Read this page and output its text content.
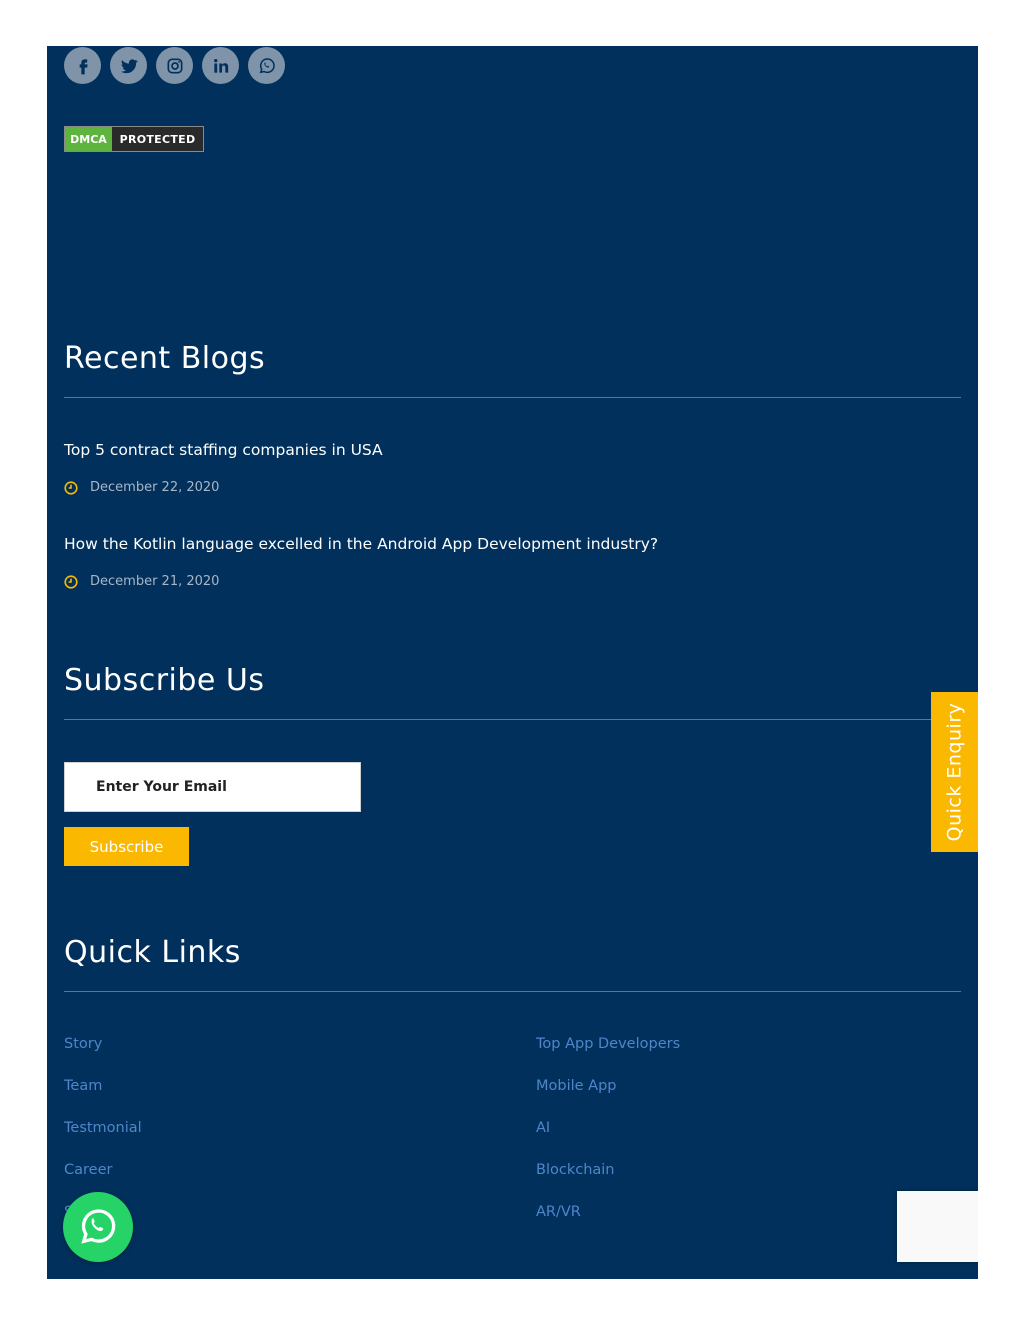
DMCA	PROTECTED
Recent Blogs
Top 5 contract staffing companies in USA
December 22, 2020
How the Kotlin language excelled in the Android App Development industry?
December 21, 2020
Subscribe Us
Enter Your Email
Subscribe
Quick Enquiry
Quick Links
Story
Team
Testmonial
Career
Top App Developers
Mobile App
AI
Blockchain
AR/VR
